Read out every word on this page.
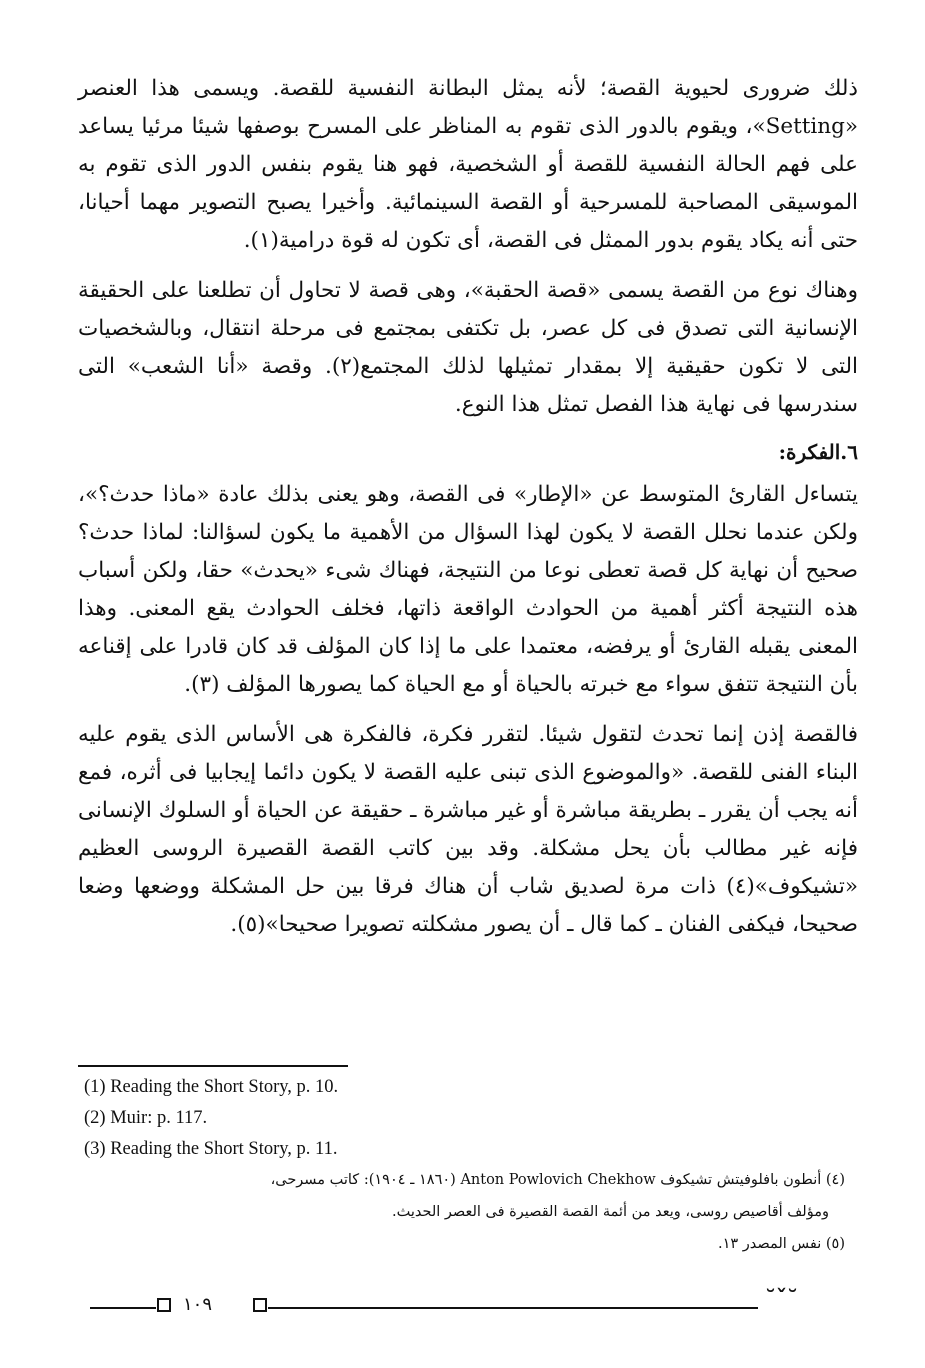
ذلك ضرورى لحيوية القصة؛ لأنه يمثل البطانة النفسية للقصة. ويسمى هذا العنصر «Setting»، ويقوم بالدور الذى تقوم به المناظر على المسرح بوصفها شيئا مرئيا يساعد على فهم الحالة النفسية للقصة أو الشخصية، فهو هنا يقوم بنفس الدور الذى تقوم به الموسيقى المصاحبة للمسرحية أو القصة السينمائية. وأخيرا يصبح التصوير مهما أحيانا، حتى أنه يكاد يقوم بدور الممثل فى القصة، أى تكون له قوة درامية(١).

وهناك نوع من القصة يسمى «قصة الحقبة»، وهى قصة لا تحاول أن تطلعنا على الحقيقة الإنسانية التى تصدق فى كل عصر، بل تكتفى بمجتمع فى مرحلة انتقال، وبالشخصيات التى لا تكون حقيقية إلا بمقدار تمثيلها لذلك المجتمع(٢). وقصة «أنا الشعب» التى سندرسها فى نهاية هذا الفصل تمثل هذا النوع.

٦.الفكرة:

يتساءل القارئ المتوسط عن «الإطار» فى القصة، وهو يعنى بذلك عادة «ماذا حدث؟»، ولكن عندما نحلل القصة لا يكون لهذا السؤال من الأهمية ما يكون لسؤالنا: لماذا حدث؟ صحيح أن نهاية كل قصة تعطى نوعا من النتيجة، فهناك شىء «يحدث» حقا، ولكن أسباب هذه النتيجة أكثر أهمية من الحوادث الواقعة ذاتها، فخلف الحوادث يقع المعنى. وهذا المعنى يقبله القارئ أو يرفضه، معتمدا على ما إذا كان المؤلف قد كان قادرا على إقناعه بأن النتيجة تتفق سواء مع خبرته بالحياة أو مع الحياة كما يصورها المؤلف (٣).

فالقصة إذن إنما تحدث لتقول شيئا. لتقرر فكرة، فالفكرة هى الأساس الذى يقوم عليه البناء الفنى للقصة. «والموضوع الذى تبنى عليه القصة لا يكون دائما إيجابيا فى أثره، فمع أنه يجب أن يقرر ـ بطريقة مباشرة أو غير مباشرة ـ حقيقة عن الحياة أو السلوك الإنسانى فإنه غير مطالب بأن يحل مشكلة. وقد بين كاتب القصة القصيرة الروسى العظيم «تشيكوف»(٤) ذات مرة لصديق شاب أن هناك فرقا بين حل المشكلة ووضعها وضعا صحيحا، فيكفى الفنان ـ كما قال ـ أن يصور مشكلته تصويرا صحيحا»(٥).

(1) Reading the Short Story, p. 10.
(2) Muir: p. 117.
(3) Reading the Short Story, p. 11.
(٤) أنطون بافلوفيتش تشيكوف Anton Powlovich Chekhow (١٨٦٠ ـ ١٩٠٤): كاتب مسرحى،
ومؤلف أقاصيص روسى، ويعد من أئمة القصة القصيرة فى العصر الحديث.
(٥) نفس المصدر ١٣.
١٠٩	˘ˇ˘
